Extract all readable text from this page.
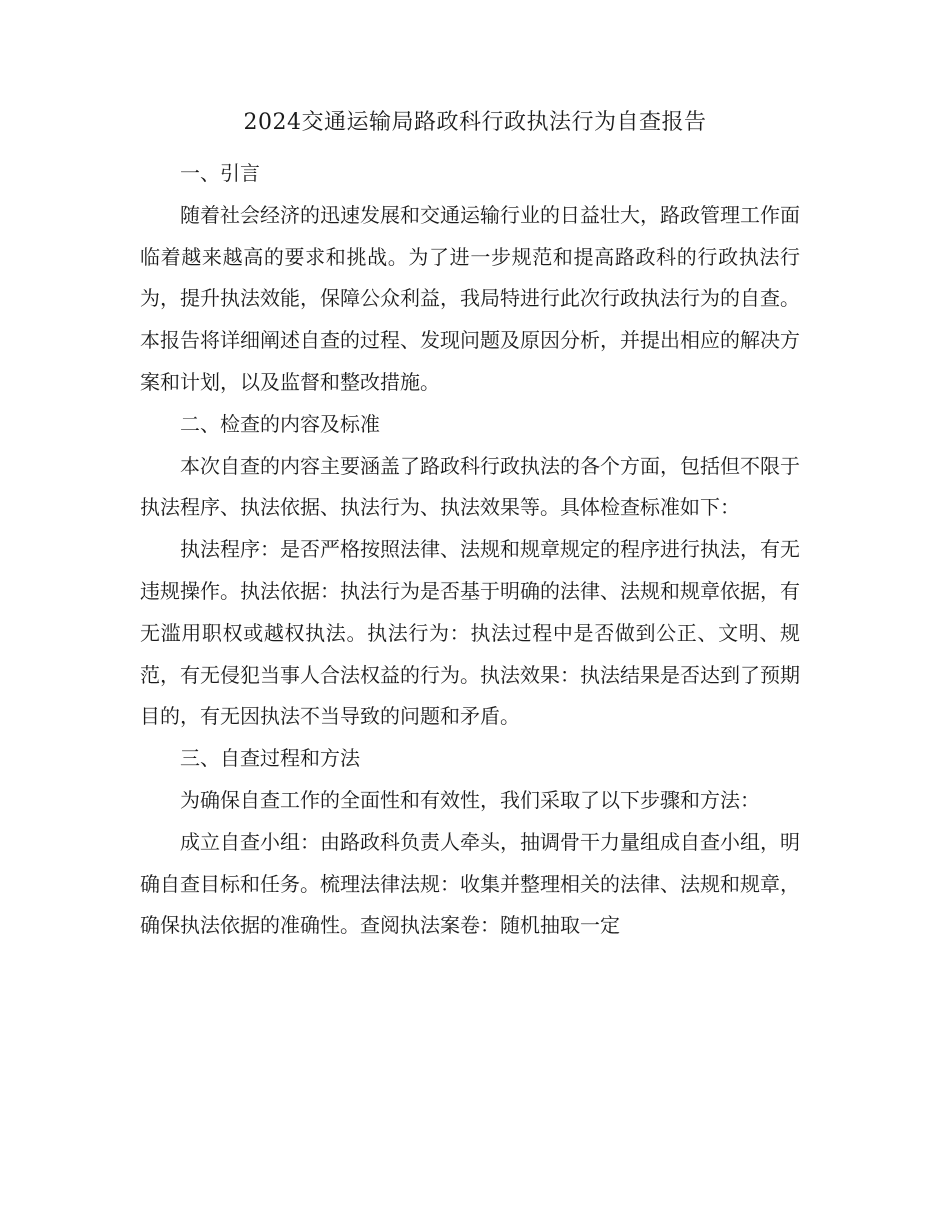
2024交通运输局路政科行政执法行为自查报告
一、引言

随着社会经济的迅速发展和交通运输行业的日益壮大，路政管理工作面临着越来越高的要求和挑战。为了进一步规范和提高路政科的行政执法行为，提升执法效能，保障公众利益，我局特进行此次行政执法行为的自查。本报告将详细阐述自查的过程、发现问题及原因分析，并提出相应的解决方案和计划，以及监督和整改措施。

二、检查的内容及标准

本次自查的内容主要涵盖了路政科行政执法的各个方面，包括但不限于执法程序、执法依据、执法行为、执法效果等。具体检查标准如下：

执法程序：是否严格按照法律、法规和规章规定的程序进行执法，有无违规操作。执法依据：执法行为是否基于明确的法律、法规和规章依据，有无滥用职权或越权执法。执法行为：执法过程中是否做到公正、文明、规范，有无侵犯当事人合法权益的行为。执法效果：执法结果是否达到了预期目的，有无因执法不当导致的问题和矛盾。

三、自查过程和方法

为确保自查工作的全面性和有效性，我们采取了以下步骤和方法：

成立自查小组：由路政科负责人牵头，抽调骨干力量组成自查小组，明确自查目标和任务。梳理法律法规：收集并整理相关的法律、法规和规章，确保执法依据的准确性。查阅执法案卷：随机抽取一定
